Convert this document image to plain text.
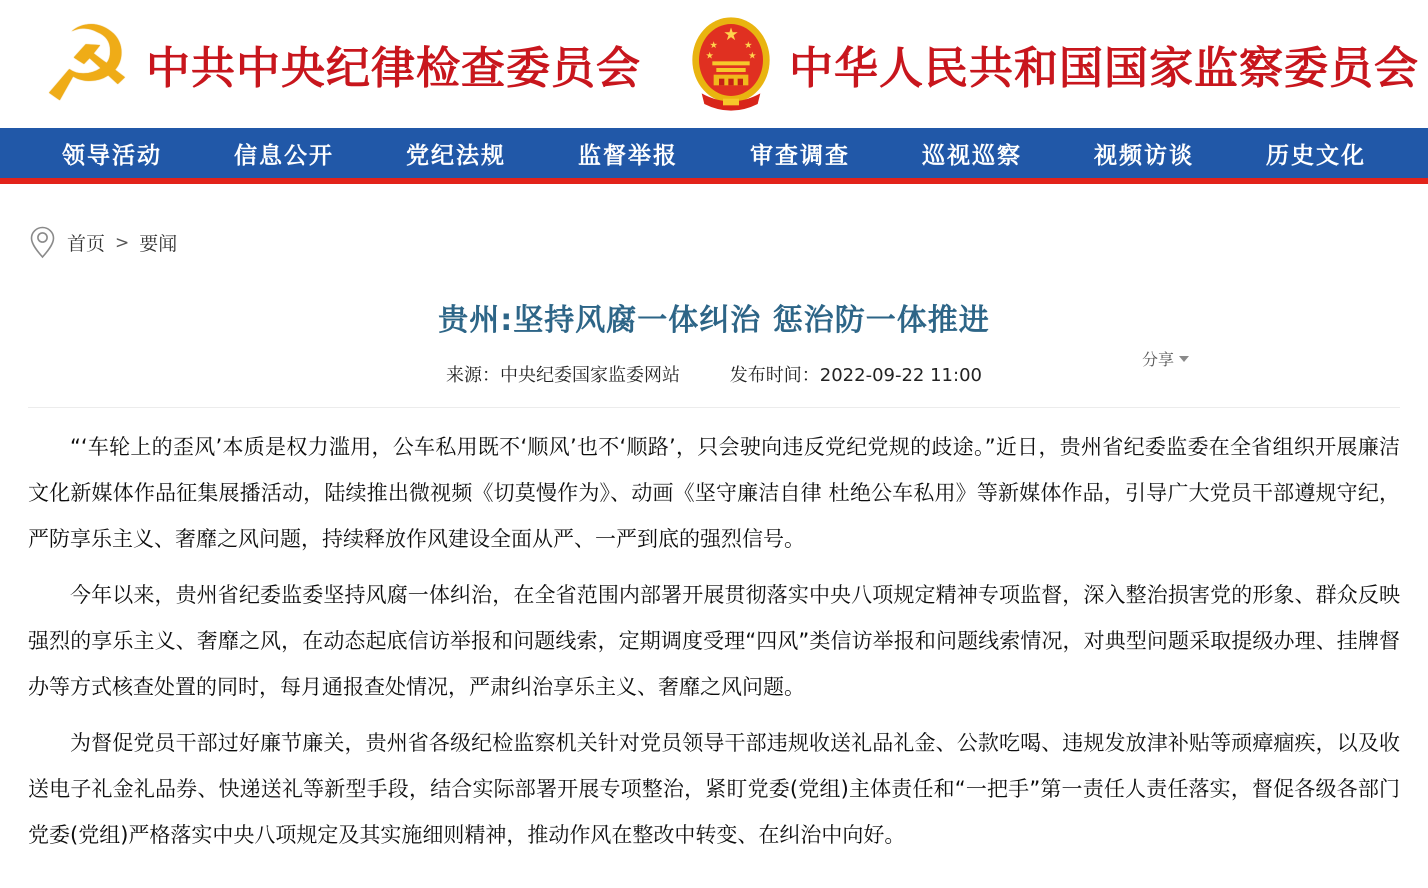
☭ 中共中央纪律检查委员会
★
★	★
★	★ 中华人民共和国国家监察委员会
领导活动	信息公开	党纪法规	监督举报	审查调查	巡视巡察	视频访谈	历史文化
首页 > 要闻
贵州:坚持风腐一体纠治 惩治防一体推进
分享
来源：中央纪委国家监委网站	发布时间：2022-09-22 11:00

“‘车轮上的歪风’本质是权力滥用，公车私用既不‘顺风’也不‘顺路’，只会驶向违反党纪党规的歧途。”近日，贵州省纪委监委在全省组织开展廉洁文化新媒体作品征集展播活动，陆续推出微视频《切莫慢作为》、动画《坚守廉洁自律 杜绝公车私用》等新媒体作品，引导广大党员干部遵规守纪，严防享乐主义、奢靡之风问题，持续释放作风建设全面从严、一严到底的强烈信号。

今年以来，贵州省纪委监委坚持风腐一体纠治，在全省范围内部署开展贯彻落实中央八项规定精神专项监督，深入整治损害党的形象、群众反映强烈的享乐主义、奢靡之风，在动态起底信访举报和问题线索，定期调度受理“四风”类信访举报和问题线索情况，对典型问题采取提级办理、挂牌督办等方式核查处置的同时，每月通报查处情况，严肃纠治享乐主义、奢靡之风问题。

为督促党员干部过好廉节廉关，贵州省各级纪检监察机关针对党员领导干部违规收送礼品礼金、公款吃喝、违规发放津补贴等顽瘴痼疾，以及收送电子礼金礼品券、快递送礼等新型手段，结合实际部署开展专项整治，紧盯党委(党组)主体责任和“一把手”第一责任人责任落实，督促各级各部门党委(党组)严格落实中央八项规定及其实施细则精神，推动作风在整改中转变、在纠治中向好。
